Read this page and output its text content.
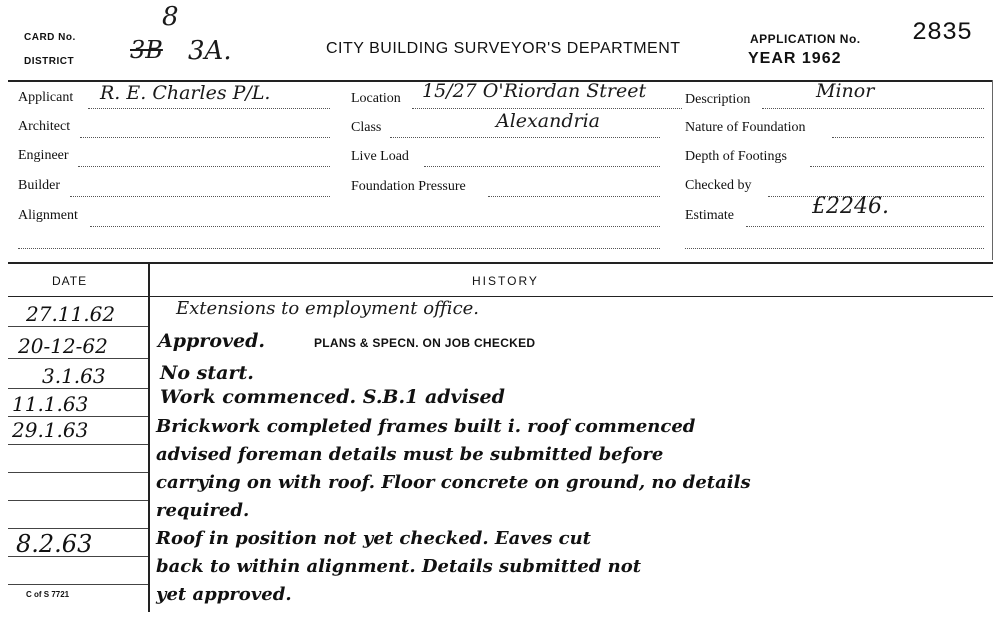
CARD No.
8
DISTRICT 3B 3A.	CITY BUILDING SURVEYOR'S DEPARTMENT
APPLICATION No. 2835
YEAR 1962
Applicant R. E. Charles P/L.
Architect
Engineer
Builder
Alignment
Location 15/27 O'Riordan Street
Class	Alexandria
Live Load
Foundation Pressure
Description	Minor
Nature of Foundation
Depth of Footings
Checked by
Estimate	£2246.
DATE	HISTORY
27.11.62	Extensions to employment office.
20-12-62	Approved.	PLANS & SPECN. ON JOB CHECKED
3.1.63	No start.
11.1.63	Work commenced. S.B.1 advised
29.1.63	Brickwork completed frames built i. roof commenced
advised foreman details must be submitted before
carrying on with roof. Floor concrete on ground, no details
required.
8.2.63	Roof in position not yet checked. Eaves cut
back to within alignment. Details submitted not
yet approved.
C of S 7721
